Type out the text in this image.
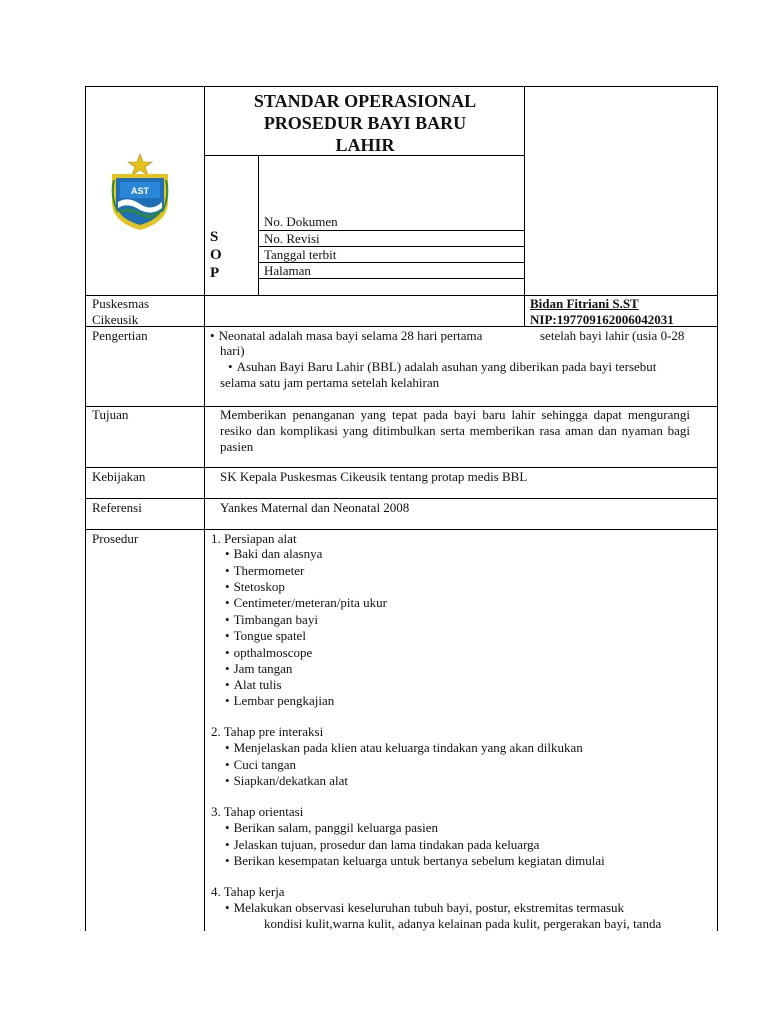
AST
STANDAR OPERASIONAL
PROSEDUR BAYI BARU
LAHIR
S
O
P
No. Dokumen
No. Revisi
Tanggal terbit
Halaman
Puskesmas
Cikeusik
Bidan Fitriani S.ST
NIP:197709162006042031
Pengertian
•	Neonatal adalah masa bayi selama 28 hari pertama	setelah bayi lahir (usia 0-28
hari)
• Asuhan Bayi Baru Lahir (BBL) adalah asuhan yang diberikan pada bayi tersebut
selama satu jam pertama setelah kelahiran
Tujuan	Memberikan penanganan yang tepat pada bayi baru lahir sehingga dapat mengurangi resiko dan komplikasi yang ditimbulkan serta memberikan rasa aman dan nyaman bagi pasien
Kebijakan	SK Kepala Puskesmas Cikeusik tentang protap medis BBL
Referensi	Yankes Maternal dan Neonatal 2008
Prosedur	1. Persiapan alat
• Baki dan alasnya
• Thermometer
• Stetoskop
• Centimeter/meteran/pita ukur
• Timbangan bayi
• Tongue spatel
• opthalmoscope
• Jam tangan
• Alat tulis
• Lembar pengkajian
2. Tahap pre interaksi
• Menjelaskan pada klien atau keluarga tindakan yang akan dilkukan
• Cuci tangan
• Siapkan/dekatkan alat
3. Tahap orientasi
• Berikan salam, panggil keluarga pasien
• Jelaskan tujuan, prosedur dan lama tindakan pada keluarga
• Berikan kesempatan keluarga untuk bertanya sebelum kegiatan dimulai
4. Tahap kerja
• Melakukan observasi keseluruhan tubuh bayi, postur, ekstremitas termasuk
kondisi kulit,warna kulit, adanya kelainan pada kulit, pergerakan bayi, tanda
